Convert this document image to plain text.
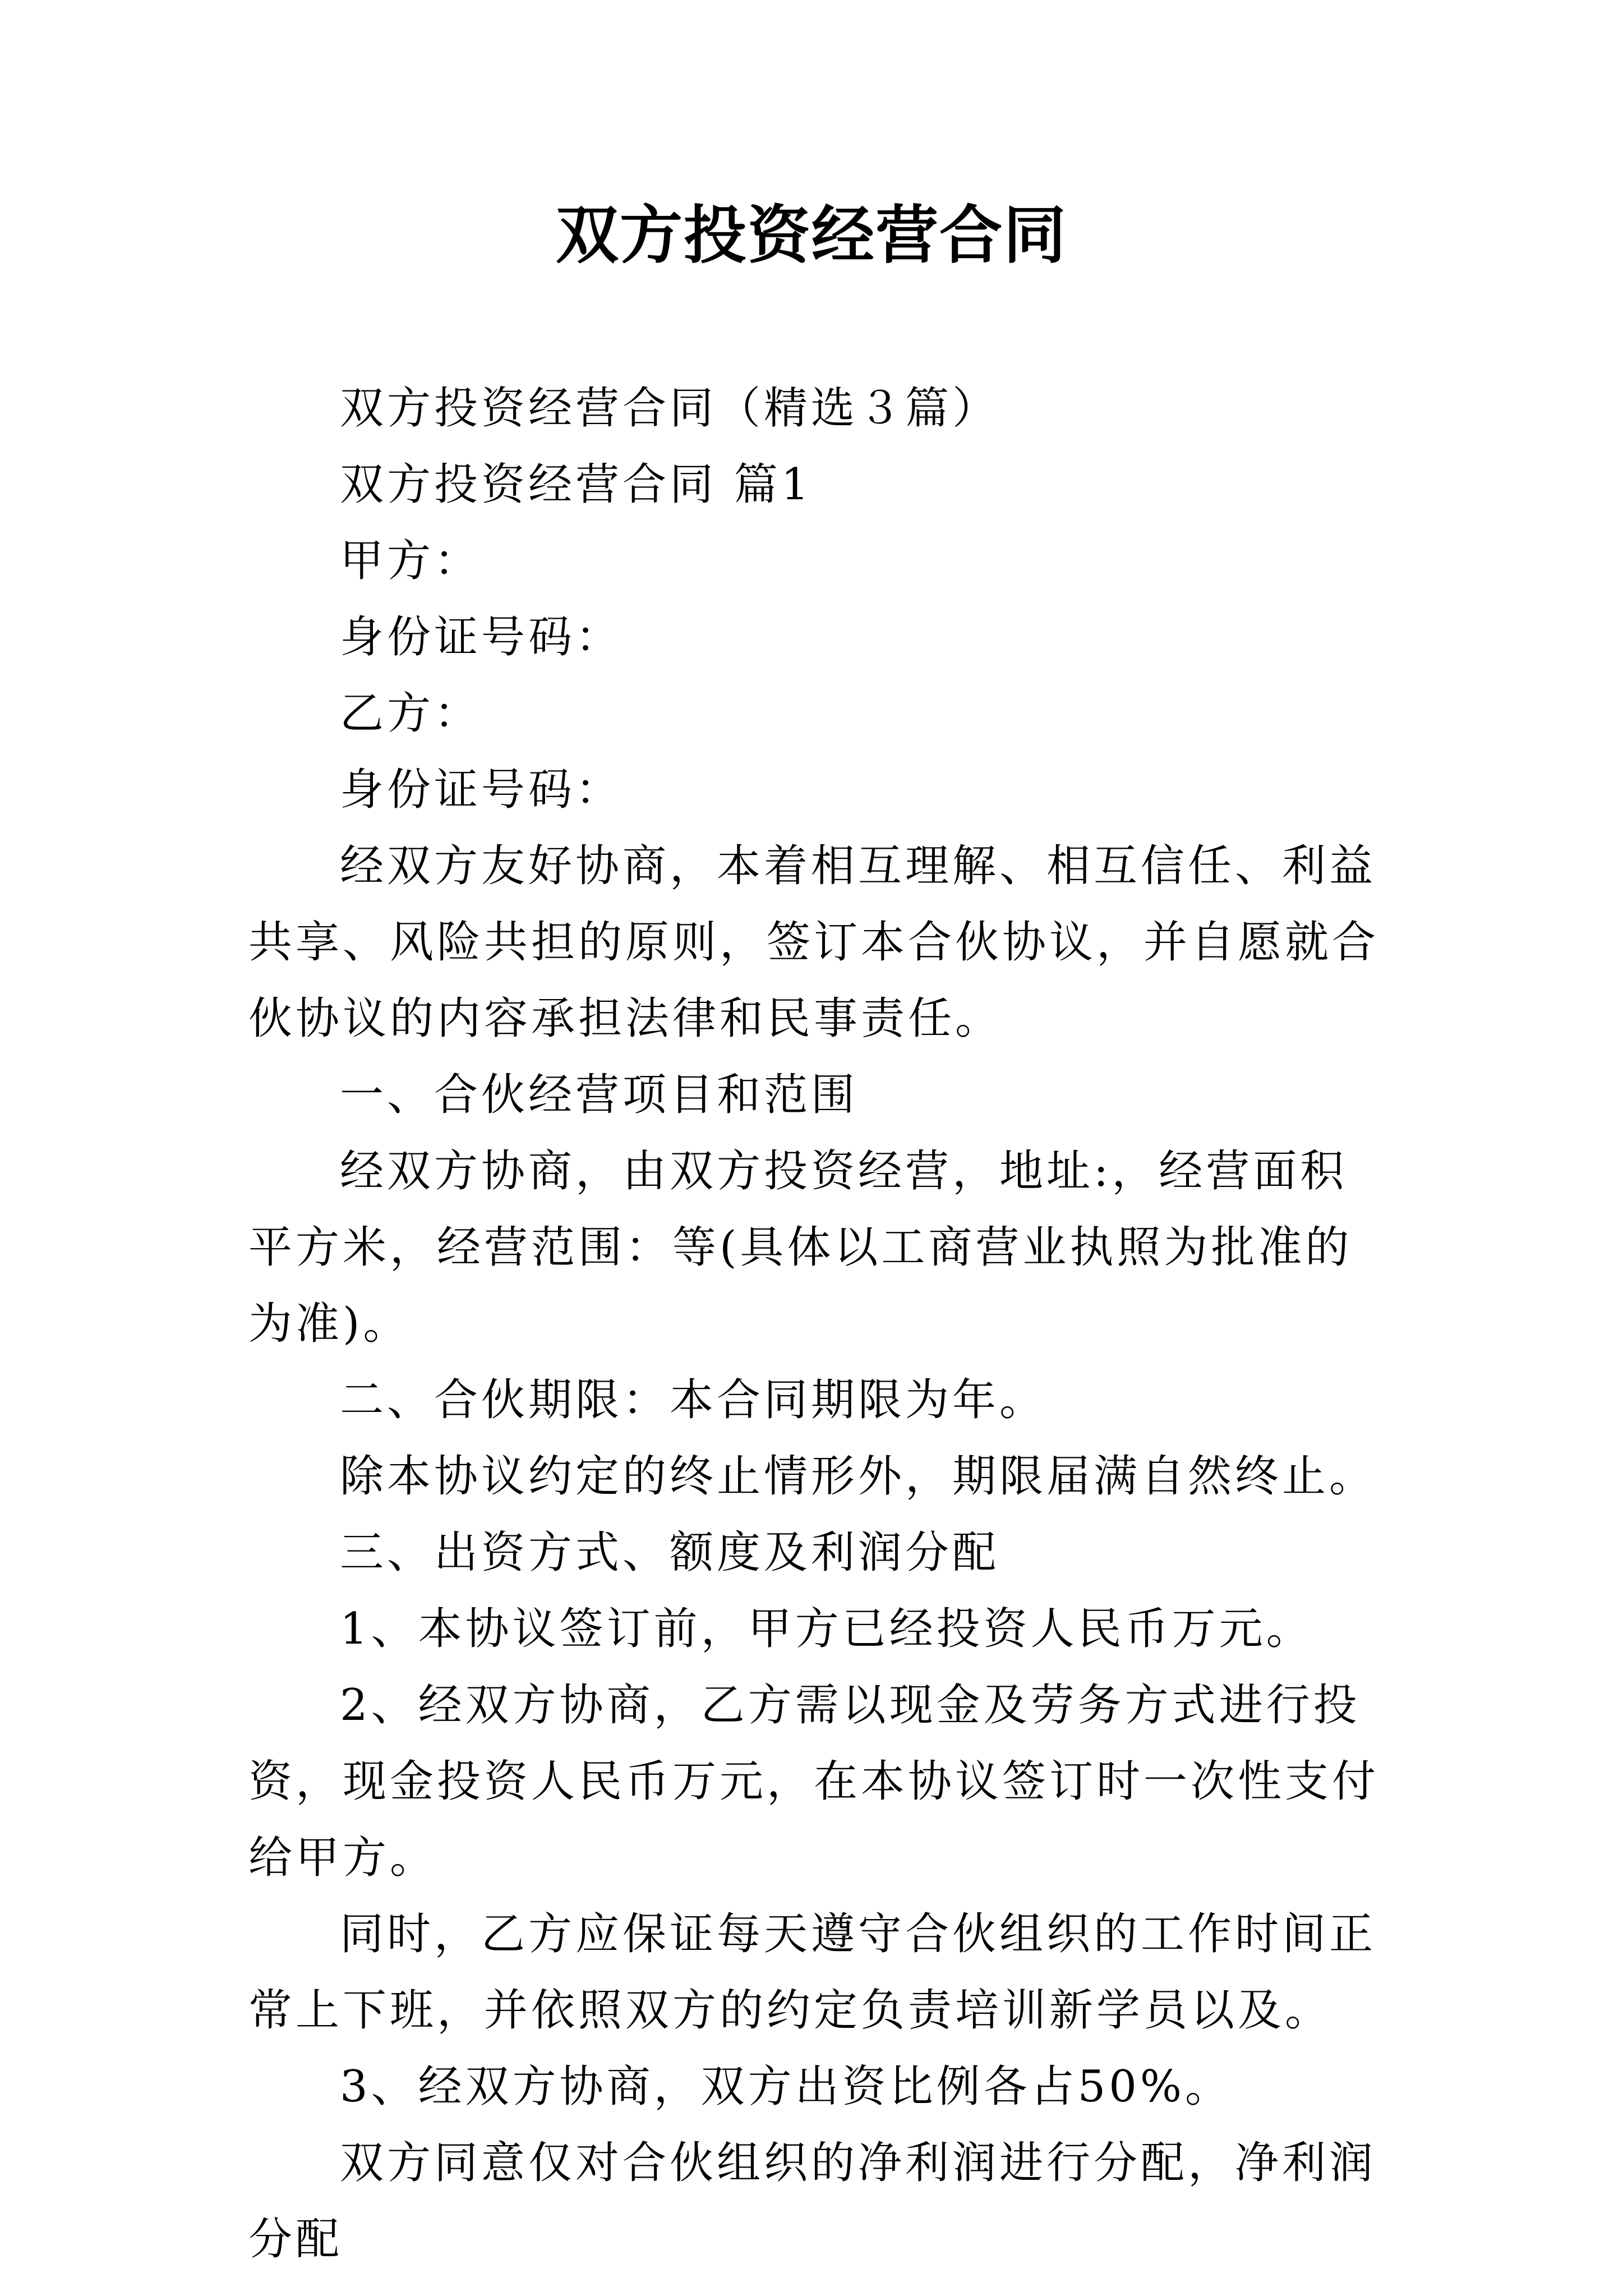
双方投资经营合同

双方投资经营合同（精选３篇）

双方投资经营合同 篇1

甲方：

身份证号码：

乙方：

身份证号码：

经双方友好协商，本着相互理解、相互信任、利益共享、风险共担的原则，签订本合伙协议，并自愿就合伙协议的内容承担法律和民事责任。

一、合伙经营项目和范围

经双方协商，由双方投资经营，地址:，经营面积平方米，经营范围：等(具体以工商营业执照为批准的为准)。

二、合伙期限：本合同期限为年。

除本协议约定的终止情形外，期限届满自然终止。

三、出资方式、额度及利润分配

1、本协议签订前，甲方已经投资人民币万元。

2、经双方协商，乙方需以现金及劳务方式进行投资，现金投资人民币万元，在本协议签订时一次性支付给甲方。

同时，乙方应保证每天遵守合伙组织的工作时间正常上下班，并依照双方的约定负责培训新学员以及。

3、经双方协商，双方出资比例各占50%。

双方同意仅对合伙组织的净利润进行分配，净利润分配
